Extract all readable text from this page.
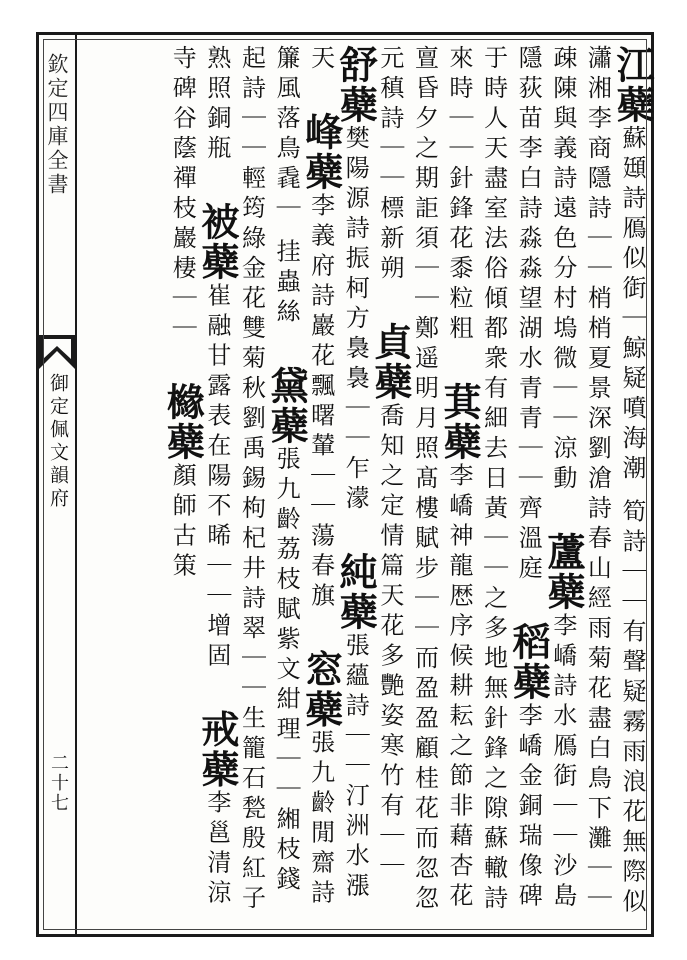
欽定四庫全書
御定佩文韻府
二十七

江蘗蘇頲詩鴈似衘｜鯨疑噴海潮 筍詩｜｜有聲疑霧雨浪花無際似瀟湘李商隱詩｜｜梢梢夏景深劉滄詩春山經雨菊花盡白鳥下灘｜｜疎陳與義詩遠色分村塢微｜｜涼動  蘆蘗李嶠詩水鴈衘｜｜沙島隱荻苗李白詩淼淼望湖水青青｜｜齊溫庭  稻蘗李嶠金銅瑞像碑于時人天盡室法俗傾都衆有細去日黃｜｜之多地無針鋒之隙蘇轍詩來時｜｜針鋒花黍粒粗  萁蘗李嶠神龍厯序候耕耘之節非藉杏花亶昏夕之期詎須｜｜鄭遥明月照髙樓賦步｜｜而盈盈顧桂花而忽忽元稹詩｜｜標新朔  貞蘗喬知之定情篇天花多艷姿寒竹有｜｜  舒蘗樊陽源詩振柯方裊裊｜｜乍濛  純蘗張蘊詩｜｜汀洲水漲天  峰蘗李義府詩巖花飄曙輦｜｜蕩春旗  窓蘗張九齡閒齋詩簾風落鳥毳｜ 挂蟲絲  黛蘗張九齡荔枝賦紫文紺理｜｜緗枝錢起詩｜｜輕筠綠金花雙菊秋劉禹錫枸杞井詩翠｜｜生籠石甃殷紅子熟照銅瓶  被蘗崔融甘露表在陽不晞｜｜增固  戒蘗李邕清涼寺碑谷蔭禪枝巖棲｜｜  櫞蘗顏師古策
